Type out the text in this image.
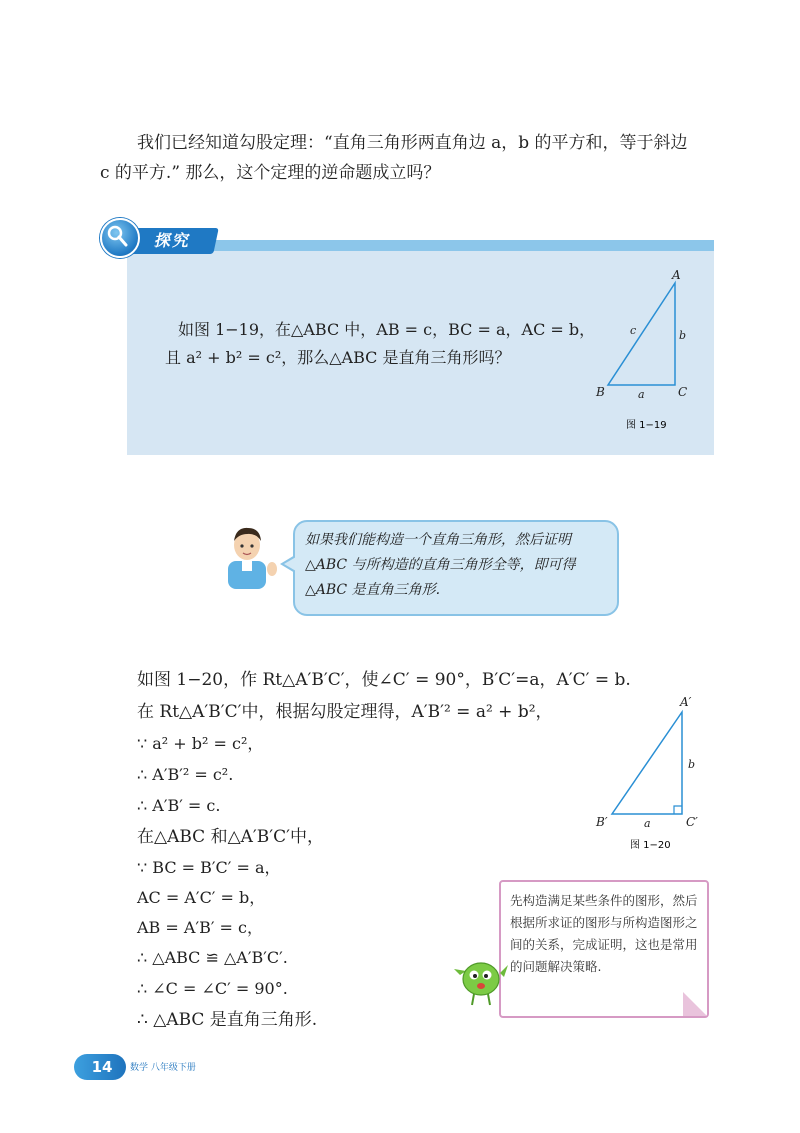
我们已经知道勾股定理：“直角三角形两直角边 a，b 的平方和，等于斜边
c 的平方.” 那么，这个定理的逆命题成立吗？
探究
如图 1−19，在△ABC 中，AB = c，BC = a，AC = b，
且 a² + b² = c²，那么△ABC 是直角三角形吗？
A
B	C
a
b
c
图 1−19
如果我们能构造一个直角三角形，然后证明△ABC 与所构造的直角三角形全等，即可得△ABC 是直角三角形.
如图 1−20，作 Rt△A′B′C′，使∠C′ = 90°，B′C′=a，A′C′ = b.
在 Rt△A′B′C′中，根据勾股定理得，A′B′² = a² + b²，
∵ a² + b² = c²，
∴ A′B′² = c².
∴ A′B′ = c.
在△ABC 和△A′B′C′中，
∵ BC = B′C′ = a，
AC = A′C′ = b，
AB = A′B′ = c，
∴ △ABC ≌ △A′B′C′.
∴ ∠C = ∠C′ = 90°.
∴ △ABC 是直角三角形.
A′
B′	C′
a
b
图 1−20
先构造满足某些条件的图形，然后根据所求证的图形与所构造图形之间的关系，完成证明，这也是常用的问题解决策略.
14	数学 八年级下册
